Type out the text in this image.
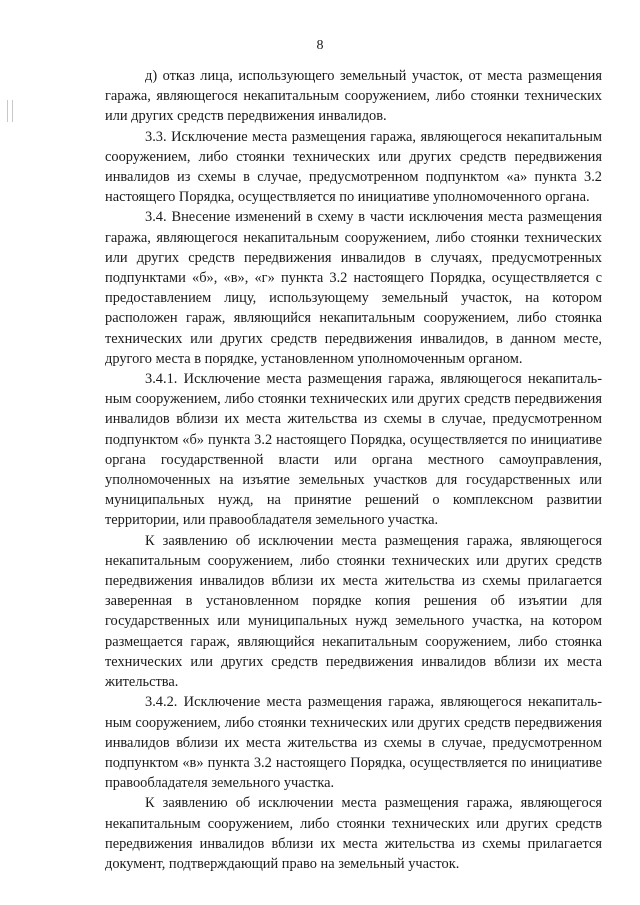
8

д) отказ лица, использующего земельный участок, от места размещения гаража, являющегося некапитальным сооружением, либо стоянки технических или других средств передвижения инвалидов.

3.3. Исключение места размещения гаража, являющегося некапитальным сооружением, либо стоянки технических или других средств передвижения инвалидов из схемы в случае, предусмотренном подпунктом «а» пункта 3.2 настоящего Порядка, осуществляется по инициативе уполномоченного органа.

3.4. Внесение изменений в схему в части исключения места размещения гаража, являющегося некапитальным сооружением, либо стоянки технических или других средств передвижения инвалидов в случаях, предусмотренных подпунктами «б», «в», «г» пункта 3.2 настоящего Порядка, осуществляется с предоставлением лицу, использующему земельный участок, на котором расположен гараж, являющийся некапитальным сооружением, либо стоянка технических или других средств передвижения инвалидов, в данном месте, другого места в порядке, установленном уполномоченным органом.

3.4.1. Исключение места размещения гаража, являющегося некапитальным сооружением, либо стоянки технических или других средств передвижения инвалидов вблизи их места жительства из схемы в случае, предусмотренном подпунктом «б» пункта 3.2 настоящего Порядка, осуществляется по инициативе органа государственной власти или органа местного самоуправления, уполномоченных на изъятие земельных участков для государственных или муниципальных нужд, на принятие решений о комплексном развитии территории, или правообладателя земельного участка.

К заявлению об исключении места размещения гаража, являющегося некапитальным сооружением, либо стоянки технических или других средств передвижения инвалидов вблизи их места жительства из схемы прилагается заверенная в установленном порядке копия решения об изъятии для государственных или муниципальных нужд земельного участка, на котором размещается гараж, являющийся некапитальным сооружением, либо стоянка технических или других средств передвижения инвалидов вблизи их места жительства.

3.4.2. Исключение места размещения гаража, являющегося некапитальным сооружением, либо стоянки технических или других средств передвижения инвалидов вблизи их места жительства из схемы в случае, предусмотренном подпунктом «в» пункта 3.2 настоящего Порядка, осуществляется по инициативе правообладателя земельного участка.

К заявлению об исключении места размещения гаража, являющегося некапитальным сооружением, либо стоянки технических или других средств передвижения инвалидов вблизи их места жительства из схемы прилагается документ, подтверждающий право на земельный участок.
